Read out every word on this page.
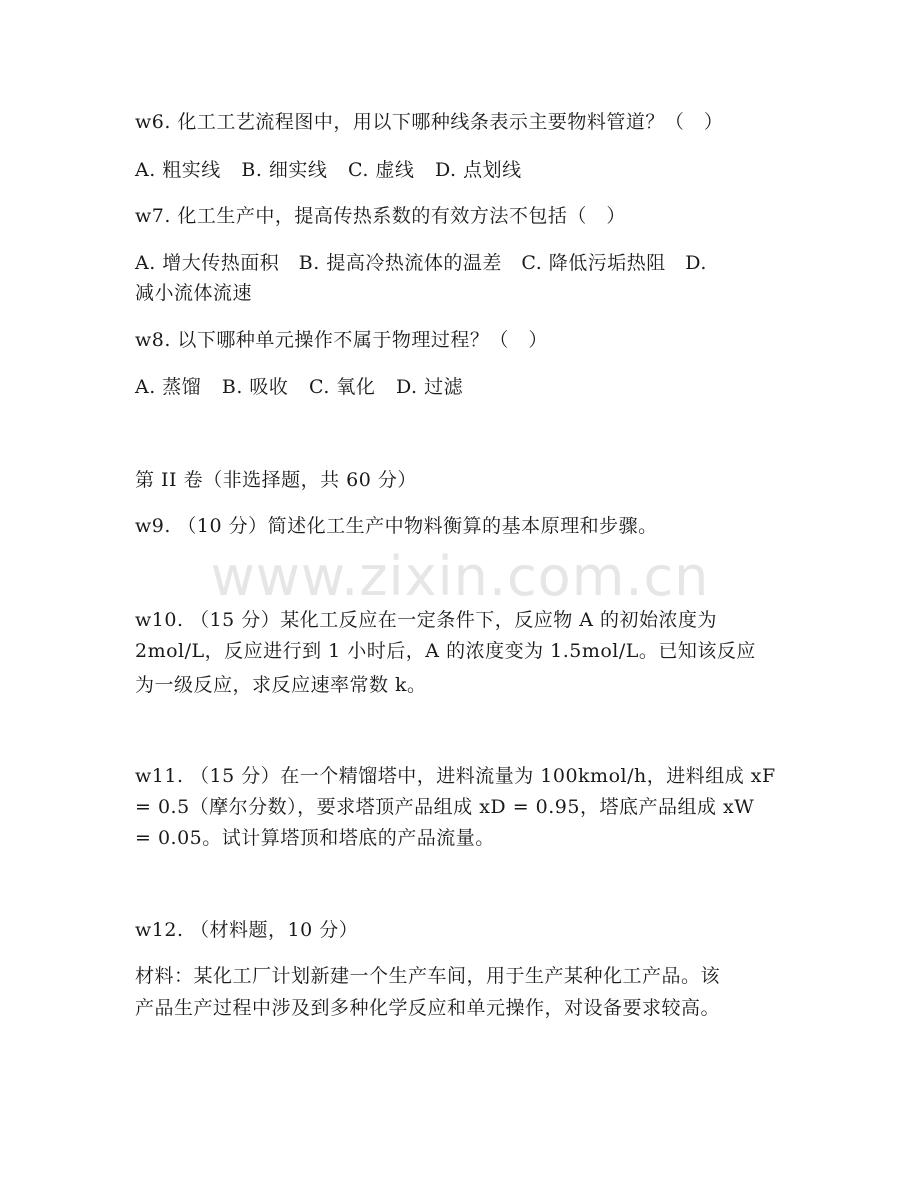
www.zixin.com.cn
w6. 化工工艺流程图中，用以下哪种线条表示主要物料管道？（　）
A. 粗实线 B. 细实线 C. 虚线 D. 点划线
w7. 化工生产中，提高传热系数的有效方法不包括（　）
A. 增大传热面积　B. 提高冷热流体的温差　C. 降低污垢热阻　D.
减小流体流速
w8. 以下哪种单元操作不属于物理过程？（　）
A. 蒸馏 B. 吸收 C. 氧化 D. 过滤
第 II 卷（非选择题，共 60 分）
w9. （10 分）简述化工生产中物料衡算的基本原理和步骤。
w10. （15 分）某化工反应在一定条件下，反应物 A 的初始浓度为
2mol/L，反应进行到 1 小时后，A 的浓度变为 1.5mol/L。已知该反应
为一级反应，求反应速率常数 k。
w11. （15 分）在一个精馏塔中，进料流量为 100kmol/h，进料组成 xF
= 0.5（摩尔分数），要求塔顶产品组成 xD = 0.95，塔底产品组成 xW
= 0.05。试计算塔顶和塔底的产品流量。
w12. （材料题，10 分）
材料：某化工厂计划新建一个生产车间，用于生产某种化工产品。该
产品生产过程中涉及到多种化学反应和单元操作，对设备要求较高。
